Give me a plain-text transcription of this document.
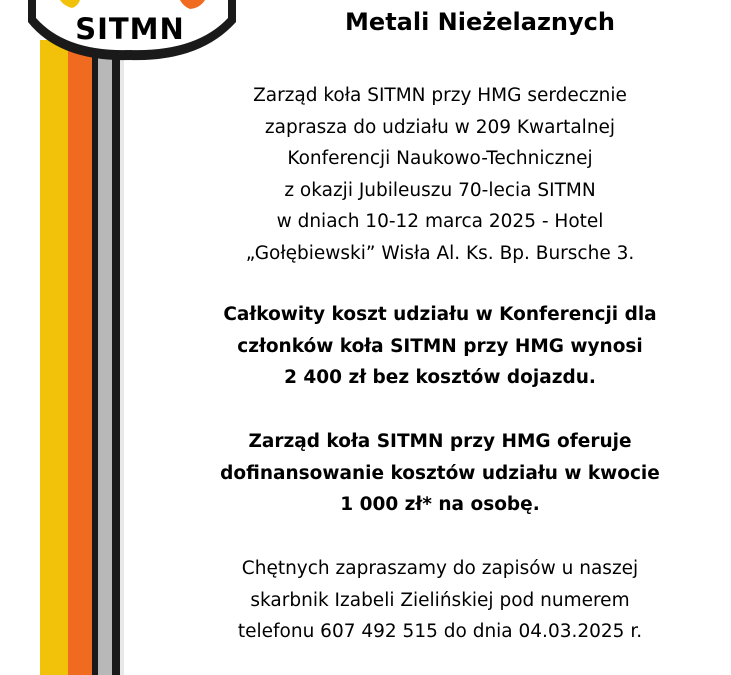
SITMN	Metali Nieżelaznych
Zarząd koła SITMN przy HMG serdecznie
zaprasza do udziału w 209 Kwartalnej
Konferencji Naukowo-Technicznej
z okazji Jubileuszu 70-lecia SITMN
w dniach 10-12 marca 2025 - Hotel
„Gołębiewski” Wisła Al. Ks. Bp. Bursche 3.
Całkowity koszt udziału w Konferencji dla
członków koła SITMN przy HMG wynosi
2 400 zł bez kosztów dojazdu.
Zarząd koła SITMN przy HMG oferuje
dofinansowanie kosztów udziału w kwocie
1 000 zł* na osobę.
Chętnych zapraszamy do zapisów u naszej
skarbnik Izabeli Zielińskiej pod numerem
telefonu 607 492 515 do dnia 04.03.2025 r.
